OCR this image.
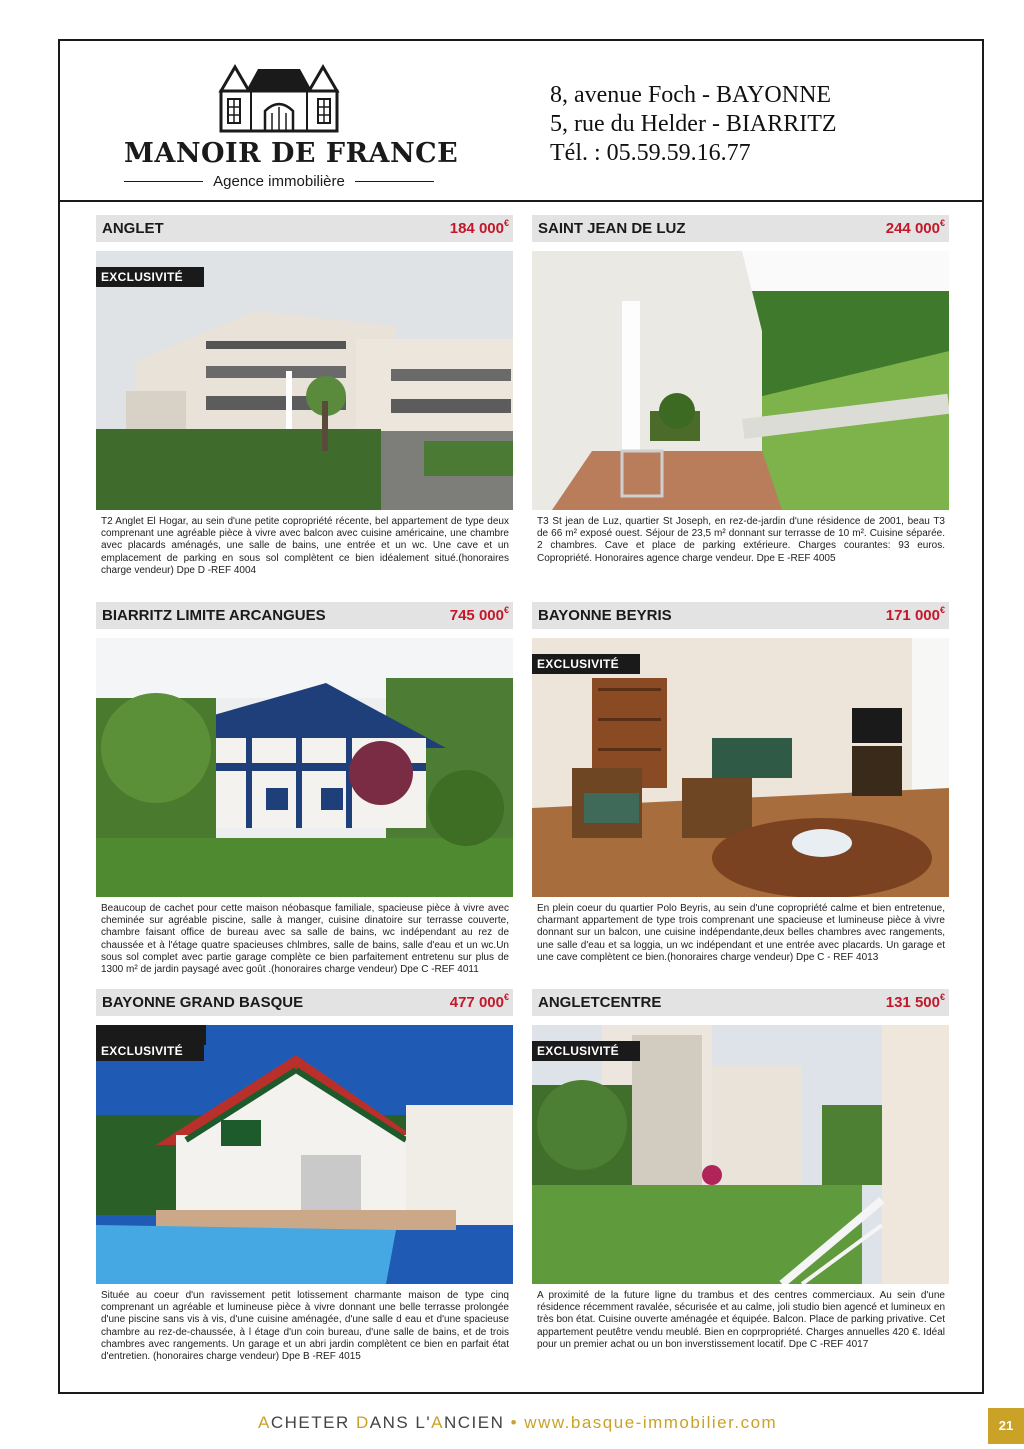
MANOIR DE FRANCE
Agence immobilière
8, avenue Foch - BAYONNE
5, rue du Helder - BIARRITZ
Tél. : 05.59.59.16.77
ANGLET	184 000€
EXCLUSIVITÉ
T2 Anglet El Hogar, au sein d'une petite copropriété récente, bel appartement de type deux comprenant une agréable pièce à vivre avec balcon avec cuisine américaine, une chambre avec placards aménagés, une salle de bains, une entrée et un wc. Une cave et un emplacement de parking en sous sol complètent ce bien idéalement situé.(honoraires charge vendeur) Dpe D -REF 4004
SAINT JEAN DE LUZ	244 000€
T3 St jean de Luz, quartier St Joseph, en rez-de-jardin d'une résidence de 2001, beau T3 de 66 m² exposé ouest. Séjour de 23,5 m² donnant sur terrasse de 10 m². Cuisine séparée. 2 chambres. Cave et place de parking extérieure. Charges courantes: 93 euros. Copropriété. Honoraires agence charge vendeur. Dpe E -REF 4005
BIARRITZ LIMITE ARCANGUES	745 000€
Beaucoup de cachet pour cette maison néobasque familiale, spacieuse pièce à vivre avec cheminée sur agréable piscine, salle à manger, cuisine dinatoire sur terrasse couverte, chambre faisant office de bureau avec sa salle de bains, wc indépendant au rez de chaussée et à l'étage quatre spacieuses chlmbres, salle de bains, salle d'eau et un wc.Un sous sol complet avec partie garage complète ce bien parfaitement entretenu sur plus de 1300 m² de jardin paysagé avec goût .(honoraires charge vendeur) Dpe C -REF 4011
BAYONNE BEYRIS	171 000€
EXCLUSIVITÉ
En plein coeur du quartier Polo Beyris, au sein d'une copropriété calme et bien entretenue, charmant appartement de type trois comprenant une spacieuse et lumineuse pièce à vivre donnant sur un balcon, une cuisine indépendante,deux belles chambres avec rangements, une salle d'eau et sa loggia, un wc indépendant et une entrée avec placards. Un garage et une cave complètent ce bien.(honoraires charge vendeur) Dpe C - REF 4013
BAYONNE GRAND BASQUE	477 000€
EXCLUSIVITÉ
Située au coeur d'un ravissement petit lotissement charmante maison de type cinq comprenant un agréable et lumineuse pièce à vivre donnant une belle terrasse prolongée d'une piscine sans vis à vis, d'une cuisine aménagée, d'une salle d eau et d'une spacieuse chambre au rez-de-chaussée, à l étage d'un coin bureau, d'une salle de bains, et de trois chambres avec rangements. Un garage et un abri jardin complètent ce bien en parfait état d'entretien. (honoraires charge vendeur) Dpe B -REF 4015
ANGLETCENTRE	131 500€
EXCLUSIVITÉ
A proximité de la future ligne du trambus et des centres commerciaux. Au sein d'une résidence récemment ravalée, sécurisée et au calme, joli studio bien agencé et lumineux en très bon état. Cuisine ouverte aménagée et équipée. Balcon. Place de parking privative. Cet appartement peutêtre vendu meublé. Bien en coprpropriété. Charges annuelles 420 €. Idéal pour un premier achat ou un bon inverstissement locatif. Dpe C -REF 4017
ACHETER DANS L'ANCIEN • www.basque-immobilier.com	21
